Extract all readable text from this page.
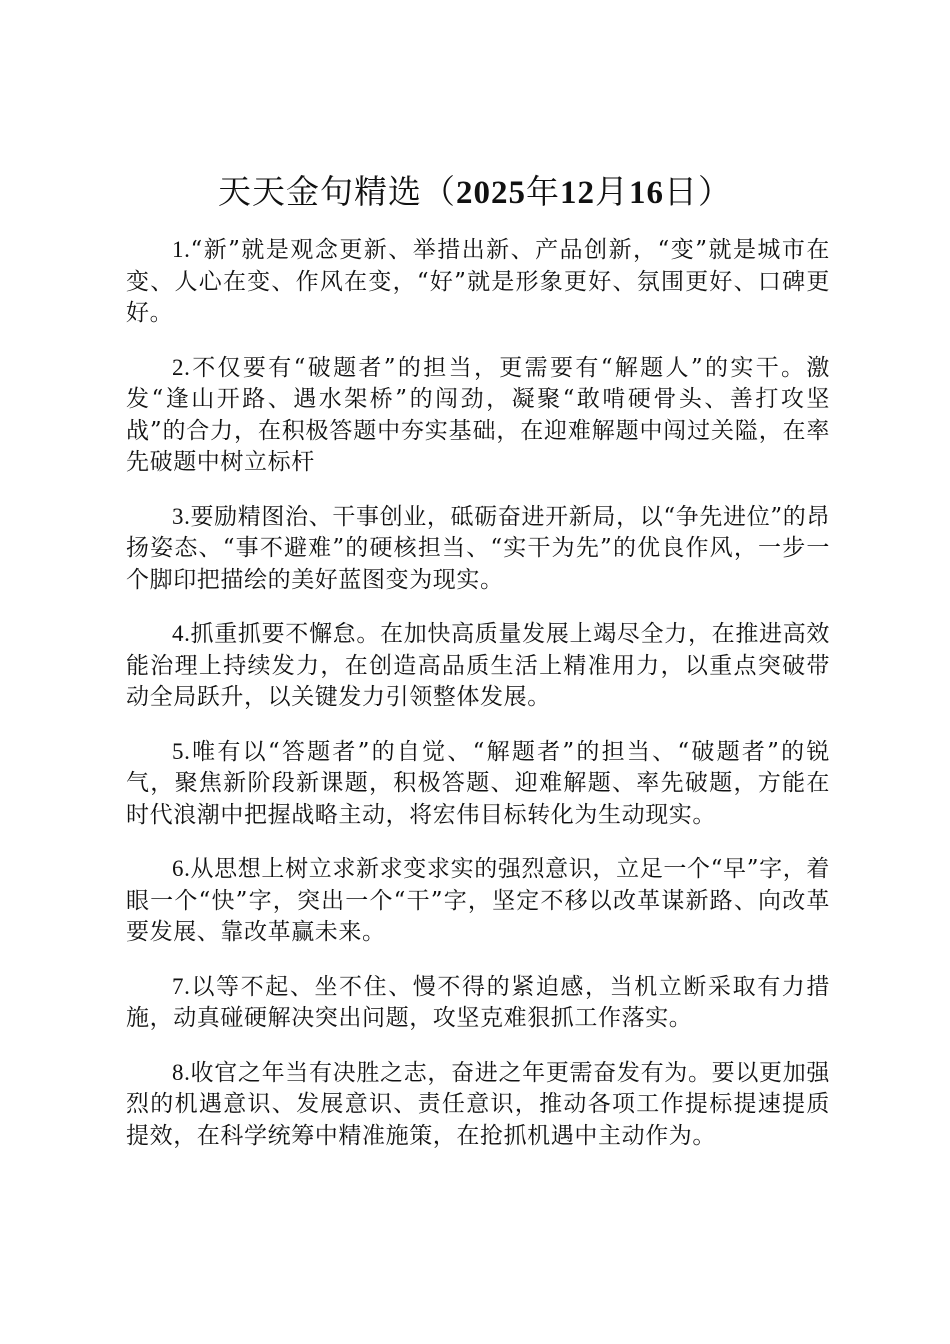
天天金句精选（2025年12月16日）

1.“新”就是观念更新、举措出新、产品创新，“变”就是城市在变、人心在变、作风在变，“好”就是形象更好、氛围更好、口碑更好。

2.不仅要有“破题者”的担当，更需要有“解题人”的实干。激发“逢山开路、遇水架桥”的闯劲，凝聚“敢啃硬骨头、善打攻坚战”的合力，在积极答题中夯实基础，在迎难解题中闯过关隘，在率先破题中树立标杆

3.要励精图治、干事创业，砥砺奋进开新局，以“争先进位”的昂扬姿态、“事不避难”的硬核担当、“实干为先”的优良作风，一步一个脚印把描绘的美好蓝图变为现实。

4.抓重抓要不懈怠。在加快高质量发展上竭尽全力，在推进高效能治理上持续发力，在创造高品质生活上精准用力，以重点突破带动全局跃升，以关键发力引领整体发展。

5.唯有以“答题者”的自觉、“解题者”的担当、“破题者”的锐气，聚焦新阶段新课题，积极答题、迎难解题、率先破题，方能在时代浪潮中把握战略主动，将宏伟目标转化为生动现实。

6.从思想上树立求新求变求实的强烈意识，立足一个“早”字，着眼一个“快”字，突出一个“干”字，坚定不移以改革谋新路、向改革要发展、靠改革赢未来。

7.以等不起、坐不住、慢不得的紧迫感，当机立断采取有力措施，动真碰硬解决突出问题，攻坚克难狠抓工作落实。

8.收官之年当有决胜之志，奋进之年更需奋发有为。要以更加强烈的机遇意识、发展意识、责任意识，推动各项工作提标提速提质提效，在科学统筹中精准施策，在抢抓机遇中主动作为。
